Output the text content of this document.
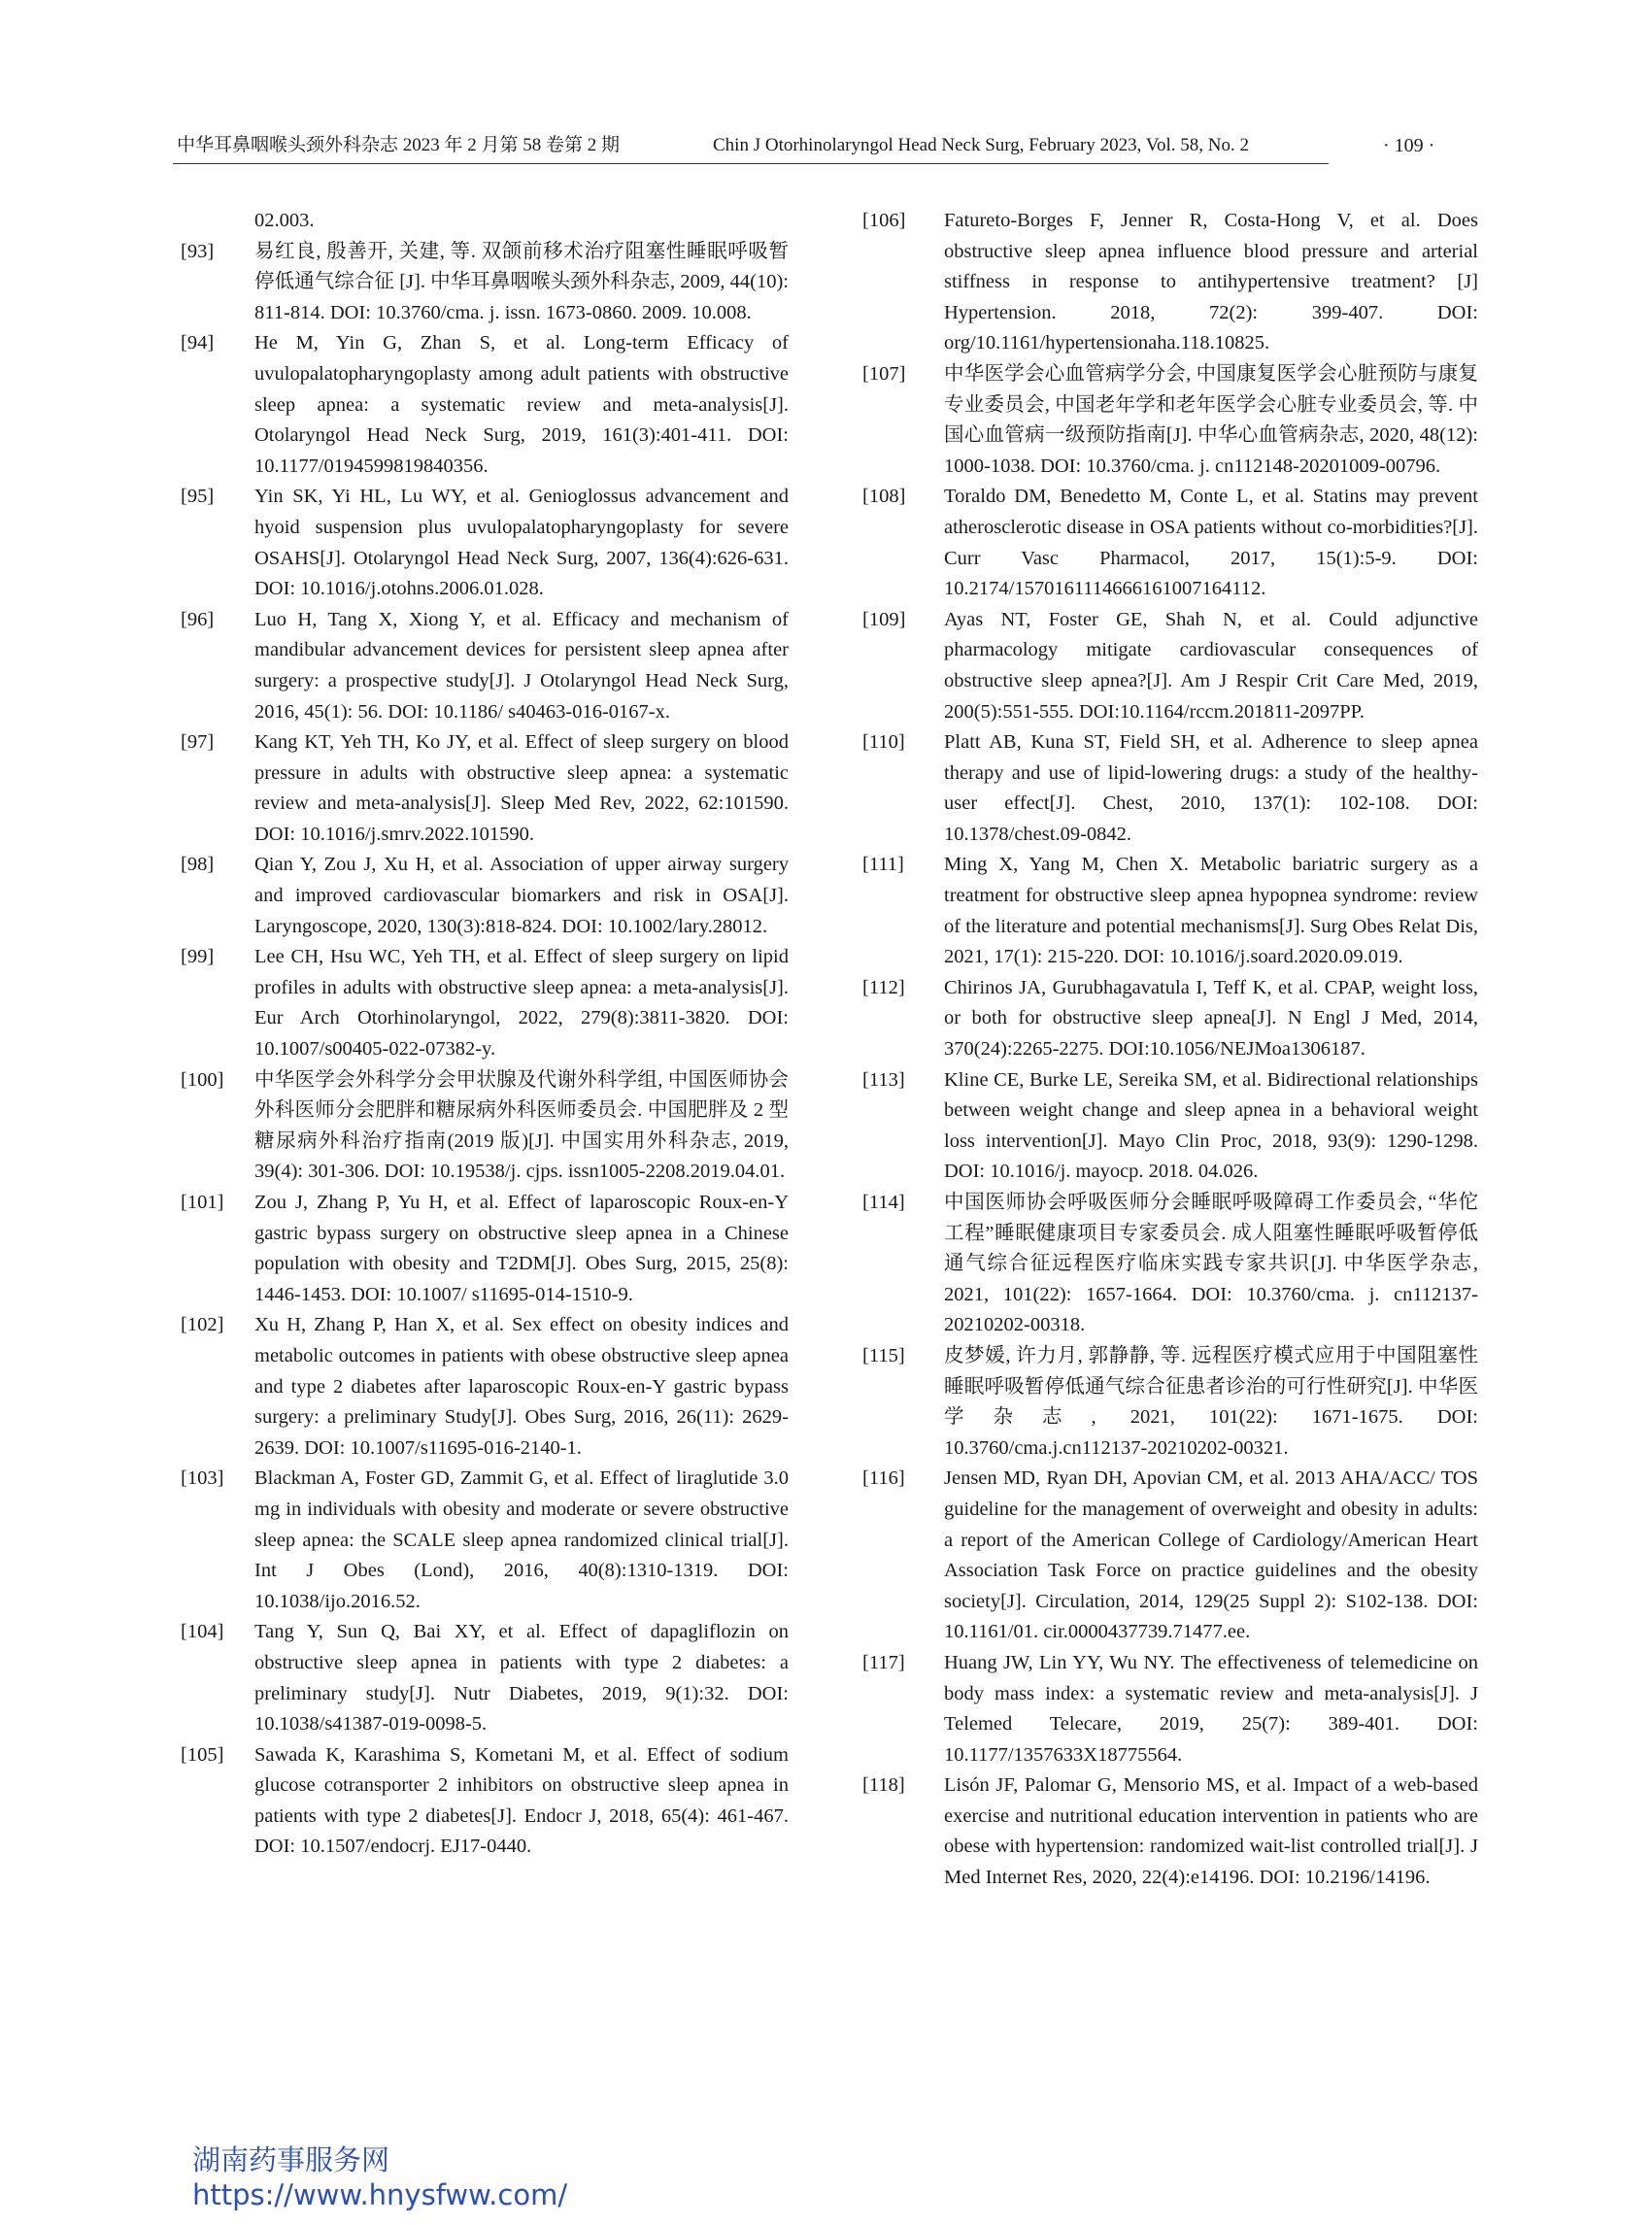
中华耳鼻咽喉头颈外科杂志 2023 年 2 月第 58 卷第 2 期	Chin J Otorhinolaryngol Head Neck Surg, February 2023, Vol. 58, No. 2	· 109 ·
02.003.
[93]	易红良, 殷善开, 关建, 等. 双颌前移术治疗阻塞性睡眠呼吸暂停低通气综合征 [J]. 中华耳鼻咽喉头颈外科杂志, 2009, 44(10): 811-814. DOI: 10.3760/cma. j. issn. 1673-0860. 2009. 10.008.
[94]	He M, Yin G, Zhan S, et al. Long-term Efficacy of uvulopalatopharyngoplasty among adult patients with obstructive sleep apnea: a systematic review and meta-analysis[J]. Otolaryngol Head Neck Surg, 2019, 161(3):401-411. DOI: 10.1177/0194599819840356.
[95]	Yin SK, Yi HL, Lu WY, et al. Genioglossus advancement and hyoid suspension plus uvulopalatopharyngoplasty for severe OSAHS[J]. Otolaryngol Head Neck Surg, 2007, 136(4):626-631. DOI: 10.1016/j.otohns.2006.01.028.
[96]	Luo H, Tang X, Xiong Y, et al. Efficacy and mechanism of mandibular advancement devices for persistent sleep apnea after surgery: a prospective study[J]. J Otolaryngol Head Neck Surg, 2016, 45(1): 56. DOI: 10.1186/ s40463-016-0167-x.
[97]	Kang KT, Yeh TH, Ko JY, et al. Effect of sleep surgery on blood pressure in adults with obstructive sleep apnea: a systematic review and meta-analysis[J]. Sleep Med Rev, 2022, 62:101590. DOI: 10.1016/j.smrv.2022.101590.
[98]	Qian Y, Zou J, Xu H, et al. Association of upper airway surgery and improved cardiovascular biomarkers and risk in OSA[J]. Laryngoscope, 2020, 130(3):818-824. DOI: 10.1002/lary.28012.
[99]	Lee CH, Hsu WC, Yeh TH, et al. Effect of sleep surgery on lipid profiles in adults with obstructive sleep apnea: a meta-analysis[J]. Eur Arch Otorhinolaryngol, 2022, 279(8):3811-3820. DOI: 10.1007/s00405-022-07382-y.
[100]	中华医学会外科学分会甲状腺及代谢外科学组, 中国医师协会外科医师分会肥胖和糖尿病外科医师委员会. 中国肥胖及 2 型糖尿病外科治疗指南(2019 版)[J]. 中国实用外科杂志, 2019, 39(4): 301-306. DOI: 10.19538/j. cjps. issn1005-2208.2019.04.01.
[101]	Zou J, Zhang P, Yu H, et al. Effect of laparoscopic Roux-en-Y gastric bypass surgery on obstructive sleep apnea in a Chinese population with obesity and T2DM[J]. Obes Surg, 2015, 25(8): 1446-1453. DOI: 10.1007/ s11695-014-1510-9.
[102]	Xu H, Zhang P, Han X, et al. Sex effect on obesity indices and metabolic outcomes in patients with obese obstructive sleep apnea and type 2 diabetes after laparoscopic Roux-en-Y gastric bypass surgery: a preliminary Study[J]. Obes Surg, 2016, 26(11): 2629-2639. DOI: 10.1007/s11695-016-2140-1.
[103]	Blackman A, Foster GD, Zammit G, et al. Effect of liraglutide 3.0 mg in individuals with obesity and moderate or severe obstructive sleep apnea: the SCALE sleep apnea randomized clinical trial[J]. Int J Obes (Lond), 2016, 40(8):1310-1319. DOI: 10.1038/ijo.2016.52.
[104]	Tang Y, Sun Q, Bai XY, et al. Effect of dapagliflozin on obstructive sleep apnea in patients with type 2 diabetes: a preliminary study[J]. Nutr Diabetes, 2019, 9(1):32. DOI: 10.1038/s41387-019-0098-5.
[105]	Sawada K, Karashima S, Kometani M, et al. Effect of sodium glucose cotransporter 2 inhibitors on obstructive sleep apnea in patients with type 2 diabetes[J]. Endocr J, 2018, 65(4): 461-467. DOI: 10.1507/endocrj. EJ17-0440.
[106]	Fatureto-Borges F, Jenner R, Costa-Hong V, et al. Does obstructive sleep apnea influence blood pressure and arterial stiffness in response to antihypertensive treatment? [J] Hypertension. 2018, 72(2): 399-407. DOI: org/10.1161/hypertensionaha.118.10825.
[107]	中华医学会心血管病学分会, 中国康复医学会心脏预防与康复专业委员会, 中国老年学和老年医学会心脏专业委员会, 等. 中国心血管病一级预防指南[J]. 中华心血管病杂志, 2020, 48(12): 1000-1038. DOI: 10.3760/cma. j. cn112148-20201009-00796.
[108]	Toraldo DM, Benedetto M, Conte L, et al. Statins may prevent atherosclerotic disease in OSA patients without co-morbidities?[J]. Curr Vasc Pharmacol, 2017, 15(1):5-9. DOI: 10.2174/1570161114666161007164112.
[109]	Ayas NT, Foster GE, Shah N, et al. Could adjunctive pharmacology mitigate cardiovascular consequences of obstructive sleep apnea?[J]. Am J Respir Crit Care Med, 2019, 200(5):551-555. DOI:10.1164/rccm.201811-2097PP.
[110]	Platt AB, Kuna ST, Field SH, et al. Adherence to sleep apnea therapy and use of lipid-lowering drugs: a study of the healthy-user effect[J]. Chest, 2010, 137(1): 102-108. DOI: 10.1378/chest.09-0842.
[111]	Ming X, Yang M, Chen X. Metabolic bariatric surgery as a treatment for obstructive sleep apnea hypopnea syndrome: review of the literature and potential mechanisms[J]. Surg Obes Relat Dis, 2021, 17(1): 215-220. DOI: 10.1016/j.soard.2020.09.019.
[112]	Chirinos JA, Gurubhagavatula I, Teff K, et al. CPAP, weight loss, or both for obstructive sleep apnea[J]. N Engl J Med, 2014, 370(24):2265-2275. DOI:10.1056/NEJMoa1306187.
[113]	Kline CE, Burke LE, Sereika SM, et al. Bidirectional relationships between weight change and sleep apnea in a behavioral weight loss intervention[J]. Mayo Clin Proc, 2018, 93(9): 1290-1298. DOI: 10.1016/j. mayocp. 2018. 04.026.
[114]	中国医师协会呼吸医师分会睡眠呼吸障碍工作委员会, “华佗工程”睡眠健康项目专家委员会. 成人阻塞性睡眠呼吸暂停低通气综合征远程医疗临床实践专家共识[J]. 中华医学杂志, 2021, 101(22): 1657-1664. DOI: 10.3760/cma. j. cn112137-20210202-00318.
[115]	皮梦媛, 许力月, 郭静静, 等. 远程医疗模式应用于中国阻塞性睡眠呼吸暂停低通气综合征患者诊治的可行性研究[J]. 中华医学杂志, 2021, 101(22): 1671-1675. DOI: 10.3760/cma.j.cn112137-20210202-00321.
[116]	Jensen MD, Ryan DH, Apovian CM, et al. 2013 AHA/ACC/ TOS guideline for the management of overweight and obesity in adults: a report of the American College of Cardiology/American Heart Association Task Force on practice guidelines and the obesity society[J]. Circulation, 2014, 129(25 Suppl 2): S102-138. DOI: 10.1161/01. cir.0000437739.71477.ee.
[117]	Huang JW, Lin YY, Wu NY. The effectiveness of telemedicine on body mass index: a systematic review and meta-analysis[J]. J Telemed Telecare, 2019, 25(7): 389-401. DOI: 10.1177/1357633X18775564.
[118]	Lisón JF, Palomar G, Mensorio MS, et al. Impact of a web-based exercise and nutritional education intervention in patients who are obese with hypertension: randomized wait-list controlled trial[J]. J Med Internet Res, 2020, 22(4):e14196. DOI: 10.2196/14196.
湖南药事服务网
https://www.hnysfww.com/
